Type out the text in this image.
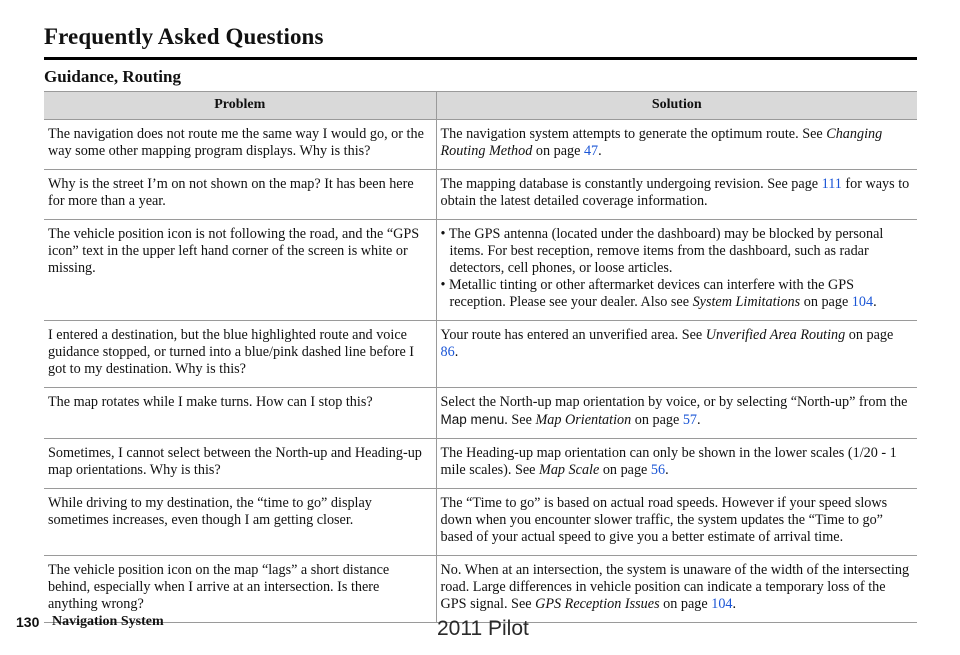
Frequently Asked Questions
Guidance, Routing
Problem	Solution
The navigation does not route me the same way I would go, or the way some other mapping program displays. Why is this?	The navigation system attempts to generate the optimum route. See Changing Routing Method on page 47.
Why is the street I’m on not shown on the map? It has been here for more than a year.	The mapping database is constantly undergoing revision. See page 111 for ways to obtain the latest detailed coverage information.
The vehicle position icon is not following the road, and the “GPS icon” text in the upper left hand corner of the screen is white or missing.	• The GPS antenna (located under the dashboard) may be blocked by personal items. For best reception, remove items from the dashboard, such as radar detectors, cell phones, or loose articles.
• Metallic tinting or other aftermarket devices can interfere with the GPS reception. Please see your dealer. Also see System Limitations on page 104.

I entered a destination, but the blue highlighted route and voice guidance stopped, or turned into a blue/pink dashed line before I got to my destination. Why is this?	Your route has entered an unverified area. See Unverified Area Routing on page 86.
The map rotates while I make turns. How can I stop this?	Select the North-up map orientation by voice, or by selecting “North-up” from the Map menu. See Map Orientation on page 57.
Sometimes, I cannot select between the North-up and Heading-up map orientations. Why is this?	The Heading-up map orientation can only be shown in the lower scales (1/20 - 1 mile scales). See Map Scale on page 56.
While driving to my destination, the “time to go” display sometimes increases, even though I am getting closer.	The “Time to go” is based on actual road speeds. However if your speed slows down when you encounter slower traffic, the system updates the “Time to go” based of your actual speed to give you a better estimate of arrival time.
The vehicle position icon on the map “lags” a short distance behind, especially when I arrive at an intersection. Is there anything wrong?	No. When at an intersection, the system is unaware of the width of the intersecting road. Large differences in vehicle position can indicate a temporary loss of the GPS signal. See GPS Reception Issues on page 104.
130 Navigation System	2011 Pilot
